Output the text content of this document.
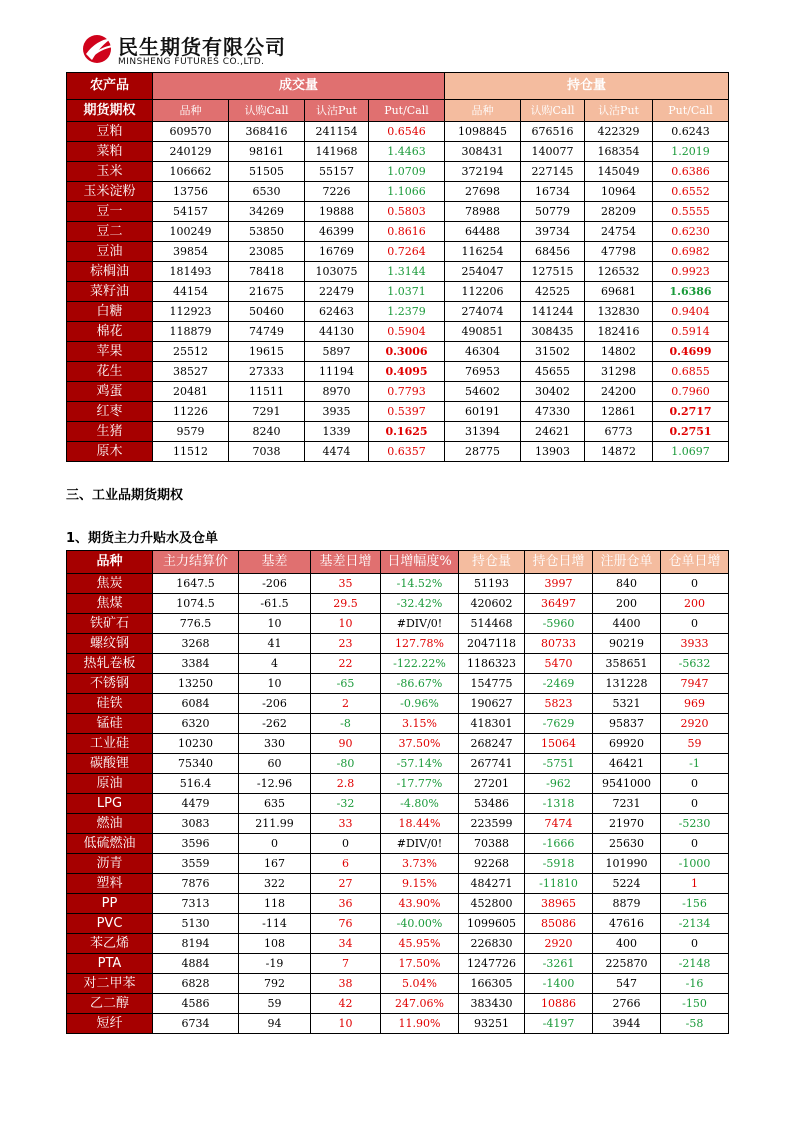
民生期货有限公司
MINSHENG FUTURES CO.,LTD.
农产品	成交量				持仓量			
期货期权	品种	认购Call	认沽Put	Put/Call	品种	认购Call	认沽Put	Put/Call
豆粕	609570	368416	241154	0.6546	1098845	676516	422329	0.6243
菜粕	240129	98161	141968	1.4463	308431	140077	168354	1.2019
玉米	106662	51505	55157	1.0709	372194	227145	145049	0.6386
玉米淀粉	13756	6530	7226	1.1066	27698	16734	10964	0.6552
豆一	54157	34269	19888	0.5803	78988	50779	28209	0.5555
豆二	100249	53850	46399	0.8616	64488	39734	24754	0.6230
豆油	39854	23085	16769	0.7264	116254	68456	47798	0.6982
棕榈油	181493	78418	103075	1.3144	254047	127515	126532	0.9923
菜籽油	44154	21675	22479	1.0371	112206	42525	69681	1.6386
白糖	112923	50460	62463	1.2379	274074	141244	132830	0.9404
棉花	118879	74749	44130	0.5904	490851	308435	182416	0.5914
苹果	25512	19615	5897	0.3006	46304	31502	14802	0.4699
花生	38527	27333	11194	0.4095	76953	45655	31298	0.6855
鸡蛋	20481	11511	8970	0.7793	54602	30402	24200	0.7960
红枣	11226	7291	3935	0.5397	60191	47330	12861	0.2717
生猪	9579	8240	1339	0.1625	31394	24621	6773	0.2751
原木	11512	7038	4474	0.6357	28775	13903	14872	1.0697
三、工业品期货期权
1、期货主力升贴水及仓单
品种	主力结算价	基差	基差日增	日增幅度%	持仓量	持仓日增	注册仓单	仓单日增
焦炭	1647.5	-206	35	-14.52%	51193	3997	840	0
焦煤	1074.5	-61.5	29.5	-32.42%	420602	36497	200	200
铁矿石	776.5	10	10	#DIV/0!	514468	-5960	4400	0
螺纹钢	3268	41	23	127.78%	2047118	80733	90219	3933
热轧卷板	3384	4	22	-122.22%	1186323	5470	358651	-5632
不锈钢	13250	10	-65	-86.67%	154775	-2469	131228	7947
硅铁	6084	-206	2	-0.96%	190627	5823	5321	969
锰硅	6320	-262	-8	3.15%	418301	-7629	95837	2920
工业硅	10230	330	90	37.50%	268247	15064	69920	59
碳酸锂	75340	60	-80	-57.14%	267741	-5751	46421	-1
原油	516.4	-12.96	2.8	-17.77%	27201	-962	9541000	0
LPG	4479	635	-32	-4.80%	53486	-1318	7231	0
燃油	3083	211.99	33	18.44%	223599	7474	21970	-5230
低硫燃油	3596	0	0	#DIV/0!	70388	-1666	25630	0
沥青	3559	167	6	3.73%	92268	-5918	101990	-1000
塑料	7876	322	27	9.15%	484271	-11810	5224	1
PP	7313	118	36	43.90%	452800	38965	8879	-156
PVC	5130	-114	76	-40.00%	1099605	85086	47616	-2134
苯乙烯	8194	108	34	45.95%	226830	2920	400	0
PTA	4884	-19	7	17.50%	1247726	-3261	225870	-2148
对二甲苯	6828	792	38	5.04%	166305	-1400	547	-16
乙二醇	4586	59	42	247.06%	383430	10886	2766	-150
短纤	6734	94	10	11.90%	93251	-4197	3944	-58
